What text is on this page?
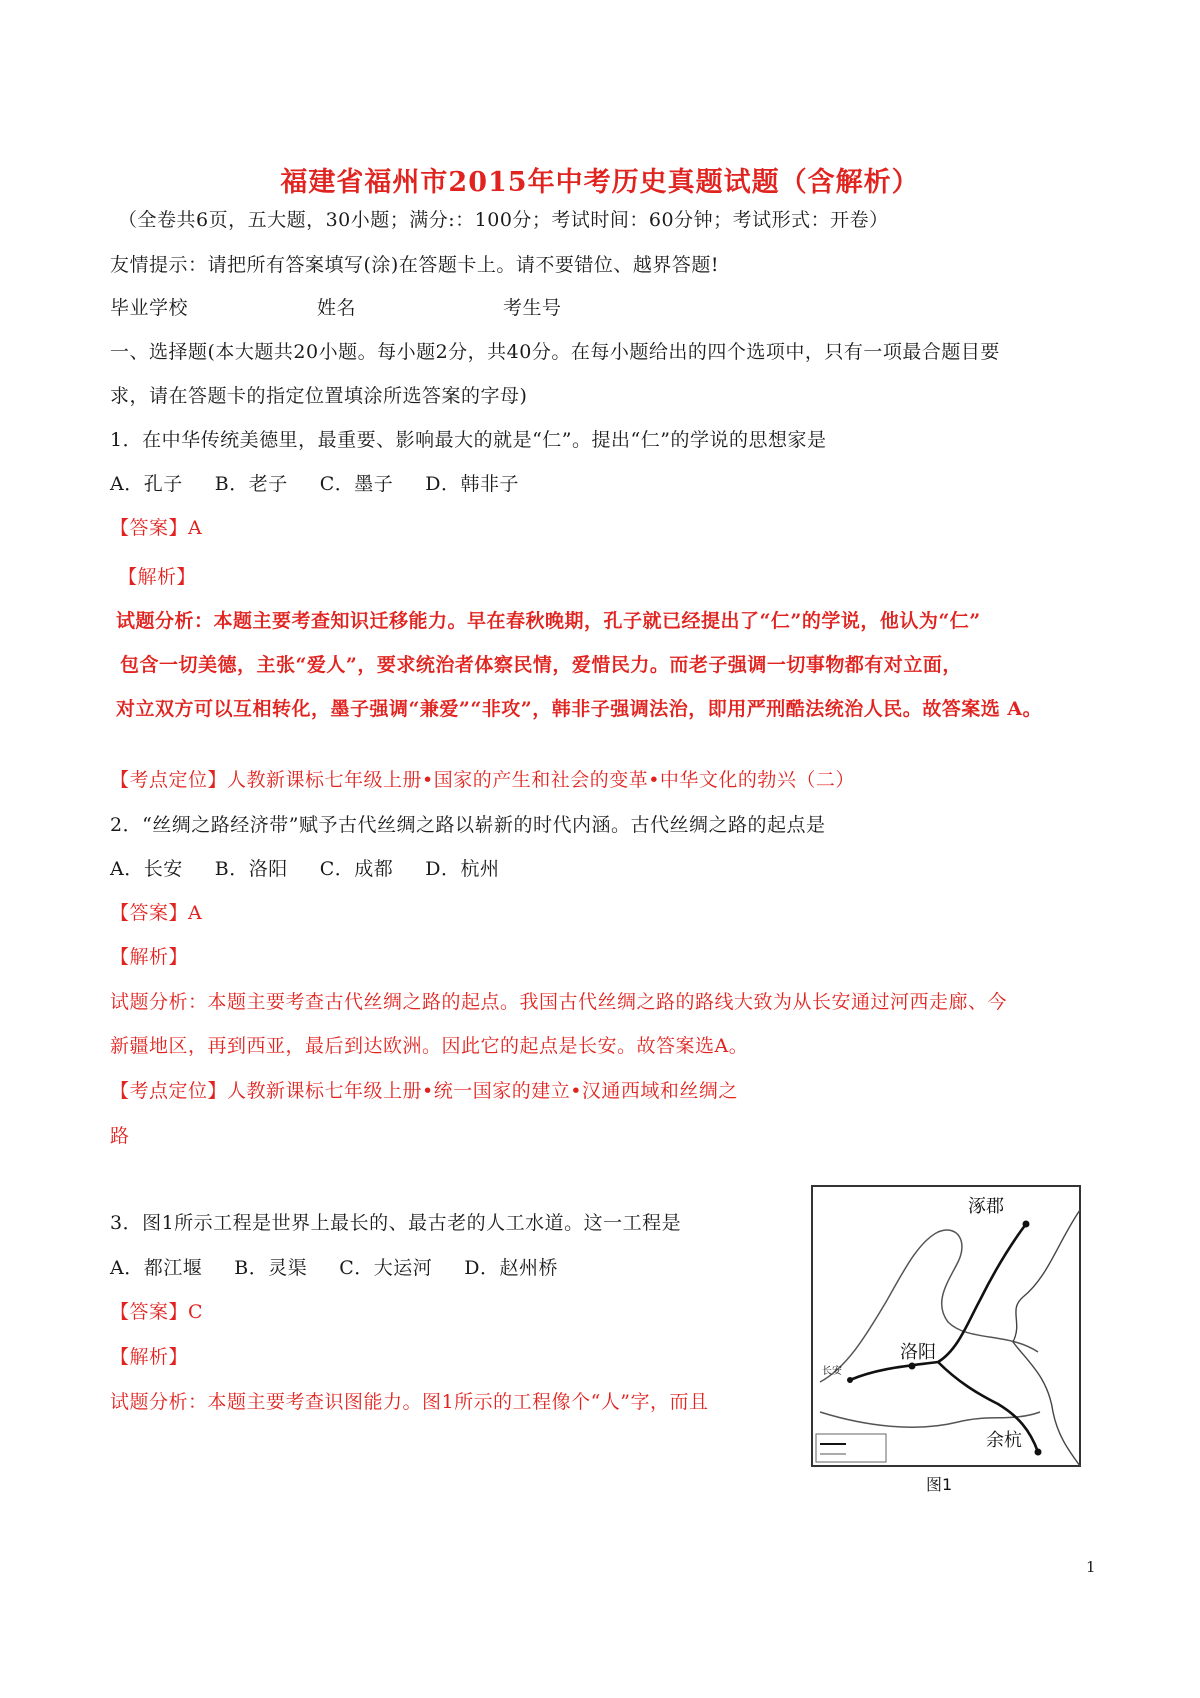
福建省福州市2015年中考历史真题试题（含解析）
（全卷共6页，五大题，30小题；满分:：100分；考试时间：60分钟；考试形式：开卷）
友情提示：请把所有答案填写(涂)在答题卡上。请不要错位、越界答题!
毕业学校	姓名	考生号
一、选择题(本大题共20小题。每小题2分，共40分。在每小题给出的四个选项中，只有一项最合题目要
求，请在答题卡的指定位置填涂所选答案的字母)
1．在中华传统美德里，最重要、影响最大的就是“仁”。提出“仁”的学说的思想家是
A．孔子 B．老子 C．墨子 D．韩非子
【答案】A
【解析】
试题分析：本题主要考查知识迁移能力。早在春秋晚期，孔子就已经提出了“仁”的学说，他认为“仁”
包含一切美德，主张“爱人”，要求统治者体察民情，爱惜民力。而老子强调一切事物都有对立面，
对立双方可以互相转化，墨子强调“兼爱”“非攻”，韩非子强调法治，即用严刑酷法统治人民。故答案选 A。
【考点定位】人教新课标七年级上册•国家的产生和社会的变革•中华文化的勃兴（二）
2．“丝绸之路经济带”赋予古代丝绸之路以崭新的时代内涵。古代丝绸之路的起点是
A．长安 B．洛阳 C．成都 D．杭州
【答案】A
【解析】
试题分析：本题主要考查古代丝绸之路的起点。我国古代丝绸之路的路线大致为从长安通过河西走廊、今
新疆地区，再到西亚，最后到达欧洲。因此它的起点是长安。故答案选A。
【考点定位】人教新课标七年级上册•统一国家的建立•汉通西域和丝绸之
路
3．图1所示工程是世界上最长的、最古老的人工水道。这一工程是
A．都江堰 B．灵渠 C．大运河 D．赵州桥
【答案】C
【解析】
试题分析：本题主要考查识图能力。图1所示的工程像个“人”字，而且
涿郡
长安
洛阳
余杭
图1
1
